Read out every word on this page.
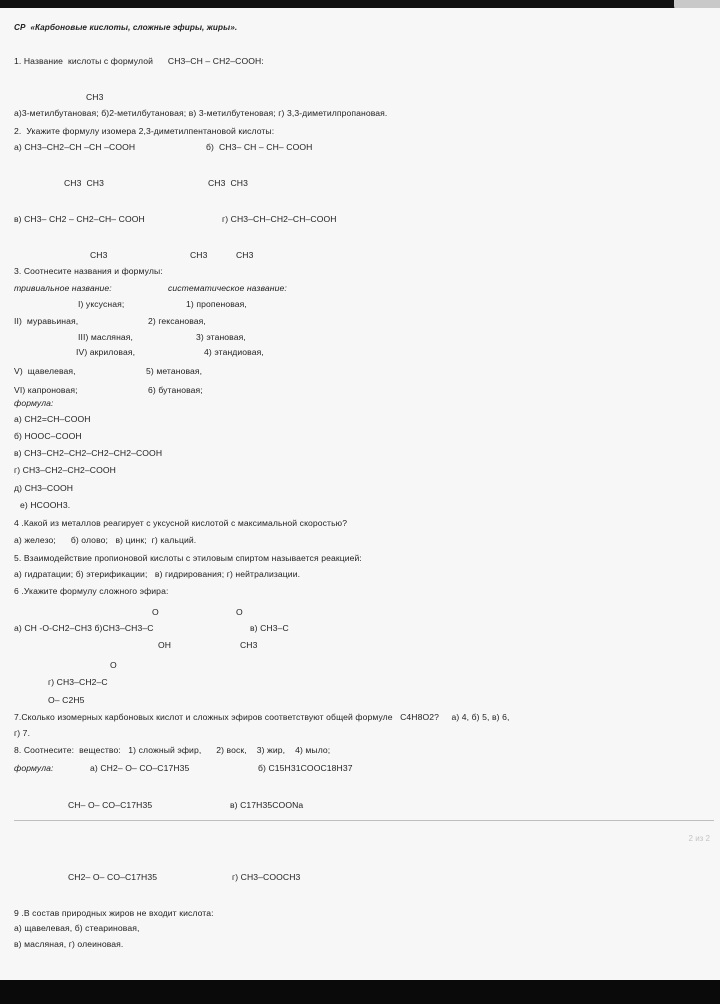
СР  «Карбоновые кислоты, сложные эфиры, жиры».
1. Название  кислоты с формулой      CH3–CH – CH2–COOH:
CH3
а)3-метилбутановая; б)2-метилбутановая; в) 3-метилбутеновая; г) 3,3-диметилпропановая.
2.  Укажите формулу изомера 2,3-диметилпентановой кислоты:
а) CH3–CH2–CH –CH –COOH	б)  CH3– CH – CH– COOH
CH3  CH3	CH3  CH3
в) CH3– CH2 – CH2–CH– COOH	г) CH3–CH–CH2–CH–COOH
CH3	CH3	CH3
3. Соотнесите названия и формулы:
тривиальное название:	систематическое название:
I) уксусная;	1) пропеновая,
II)  муравьиная,	2) гексановая,
III) масляная,	3) этановая,
IV) акриловая,	4) этандиовая,
V)  щавелевая,	5) метановая,
VI) капроновая;	6) бутановая;
формула:
а) CH2=CH–COOH
б) HOOC–COOH
в) CH3–CH2–CH2–CH2–CH2–COOH
г) CH3–CH2–CH2–COOH
д) CH3–COOH
е) HCOOH3.
4 .Какой из металлов реагирует с уксусной кислотой с максимальной скоростью?
а) железо;      б) олово;   в) цинк;  г) кальций.
5. Взаимодействие пропионовой кислоты с этиловым спиртом называется реакцией:
а) гидратации; б) этерификации;   в) гидрирования; г) нейтрализации.
6 .Укажите формулу сложного эфира:
O	O
а) CH -O-CH2–CH3 б)CH3–CH3–C	в) CH3–C
OH	CH3
O
г) CH3–CH2–C
O– C2H5
7.Сколько изомерных карбоновых кислот и сложных эфиров соответствуют общей формуле   C4H8O2?     а) 4, б) 5, в) 6,
г) 7.
8. Соотнесите:  вещество:   1) сложный эфир,      2) воск,    3) жир,    4) мыло;
формула:	а) CH2– O– CO–C17H35	б) C15H31COOC18H37
CH– O– CO–C17H35	в) C17H35COONa
2 из 2
CH2– O– CO–C17H35	г) CH3–COOCH3
9 .В состав природных жиров не входит кислота:
а) щавелевая, б) стеариновая,
в) масляная, г) олеиновая.
